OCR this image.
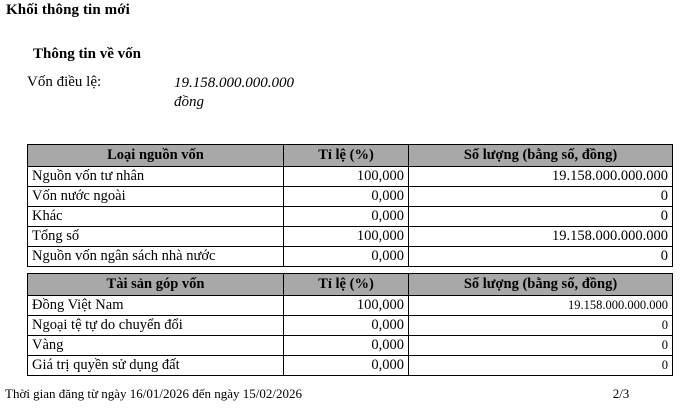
Khối thông tin mới
Thông tin về vốn
Vốn điều lệ:	19.158.000.000.000 đồng
Loại nguồn vốn	Tỉ lệ (%)	Số lượng (bằng số, đồng)
Nguồn vốn tư nhân	100,000	19.158.000.000.000
Vốn nước ngoài	0,000	0
Khác	0,000	0
Tổng số	100,000	19.158.000.000.000
Nguồn vốn ngân sách nhà nước	0,000	0
Tài sản góp vốn	Tỉ lệ (%)	Số lượng (bằng số, đồng)
Đồng Việt Nam	100,000	19.158.000.000.000
Ngoại tệ tự do chuyển đổi	0,000	0
Vàng	0,000	0
Giá trị quyền sử dụng đất	0,000	0
Thời gian đăng từ ngày 16/01/2026 đến ngày 15/02/2026	2/3
